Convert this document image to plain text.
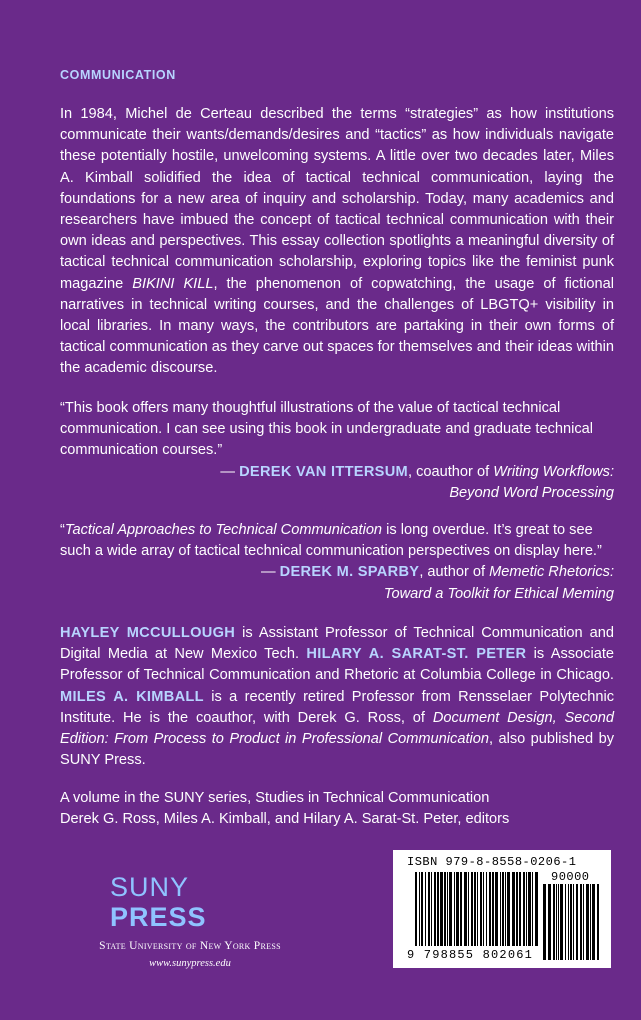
COMMUNICATION

In 1984, Michel de Certeau described the terms “strategies” as how institutions communicate their wants/demands/desires and “tactics” as how individuals navigate these potentially hostile, unwelcoming systems. A little over two decades later, Miles A. Kimball solidified the idea of tactical technical communication, laying the foundations for a new area of inquiry and scholarship. Today, many academics and researchers have imbued the concept of tactical technical communication with their own ideas and perspectives. This essay collection spotlights a meaningful diversity of tactical technical communication scholarship, exploring topics like the feminist punk magazine BIKINI KILL, the phenomenon of copwatching, the usage of fictional narratives in technical writing courses, and the challenges of LBGTQ+ visibility in local libraries. In many ways, the contributors are partaking in their own forms of tactical communication as they carve out spaces for themselves and their ideas within the academic discourse.

“This book offers many thoughtful illustrations of the value of tactical technical communication. I can see using this book in undergraduate and graduate technical communication courses.”

— DEREK VAN ITTERSUM, coauthor of Writing Workflows:

Beyond Word Processing

“Tactical Approaches to Technical Communication is long overdue. It’s great to see such a wide array of tactical technical communication perspectives on display here.”

— DEREK M. SPARBY, author of Memetic Rhetorics:

Toward a Toolkit for Ethical Meming

HAYLEY MCCULLOUGH is Assistant Professor of Technical Communication and Digital Media at New Mexico Tech. HILARY A. SARAT-ST. PETER is Associate Professor of Technical Communication and Rhetoric at Columbia College in Chicago. MILES A. KIMBALL is a recently retired Professor from Rensselaer Polytechnic Institute. He is the coauthor, with Derek G. Ross, of Document Design, Second Edition: From Process to Product in Professional Communication, also published by SUNY Press.

A volume in the SUNY series, Studies in Technical Communication
Derek G. Ross, Miles A. Kimball, and Hilary A. Sarat-St. Peter, editors
SUNY
PRESS
State University of New York Press
www.sunypress.edu
ISBN 979-8-8558-0206-1
90000
9 798855 802061
